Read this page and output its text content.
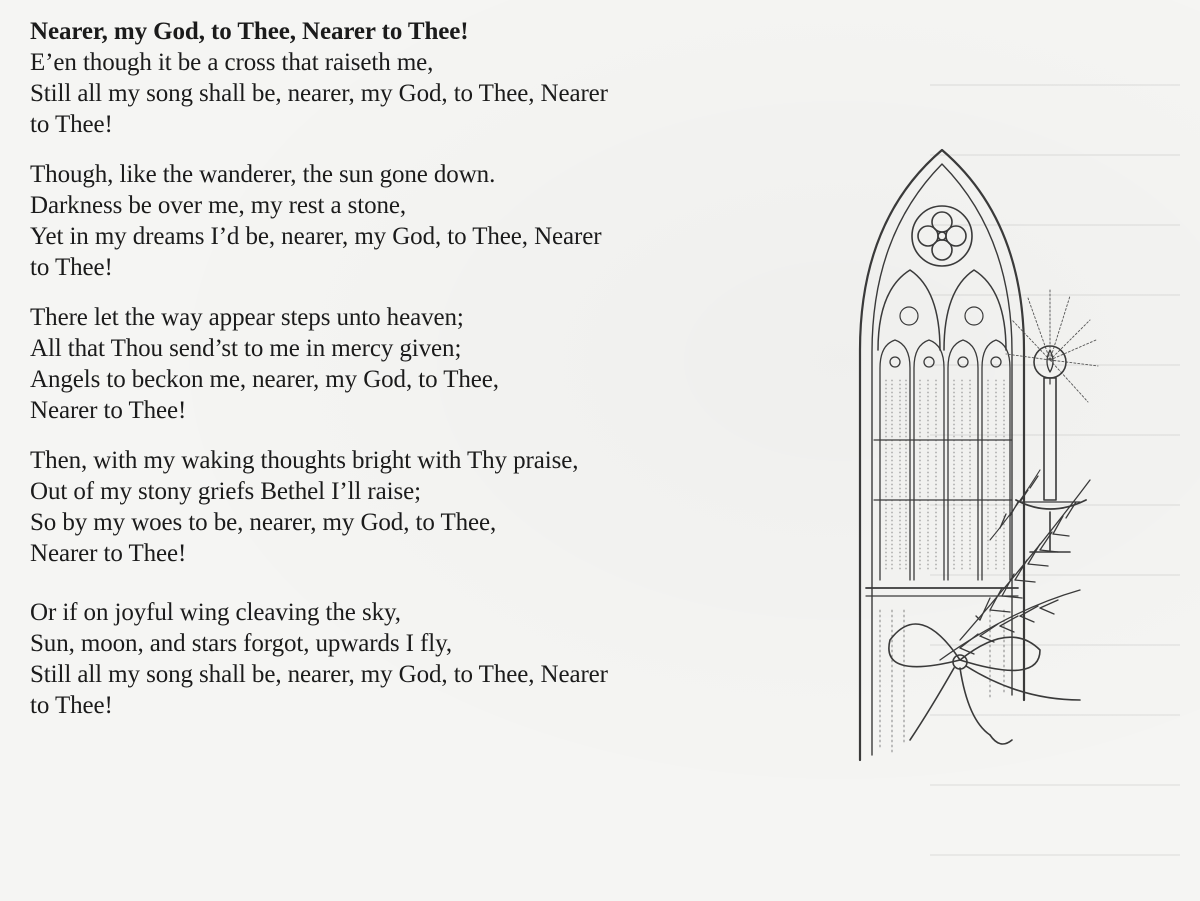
Nearer, my God, to Thee, Nearer to Thee!
E’en though it be a cross that raiseth me,
Still all my song shall be, nearer, my God, to Thee, Nearer
to Thee!

Though, like the wanderer, the sun gone down.
Darkness be over me, my rest a stone,
Yet in my dreams I’d be, nearer, my God, to Thee, Nearer
to Thee!

There let the way appear steps unto heaven;
All that Thou send’st to me in mercy given;
Angels to beckon me, nearer, my God, to Thee,
Nearer to Thee!

Then, with my waking thoughts bright with Thy praise,
Out of my stony griefs Bethel I’ll raise;
So by my woes to be, nearer, my God, to Thee,
Nearer to Thee!

Or if on joyful wing cleaving the sky,
Sun, moon, and stars forgot, upwards I fly,
Still all my song shall be, nearer, my God, to Thee, Nearer
to Thee!
